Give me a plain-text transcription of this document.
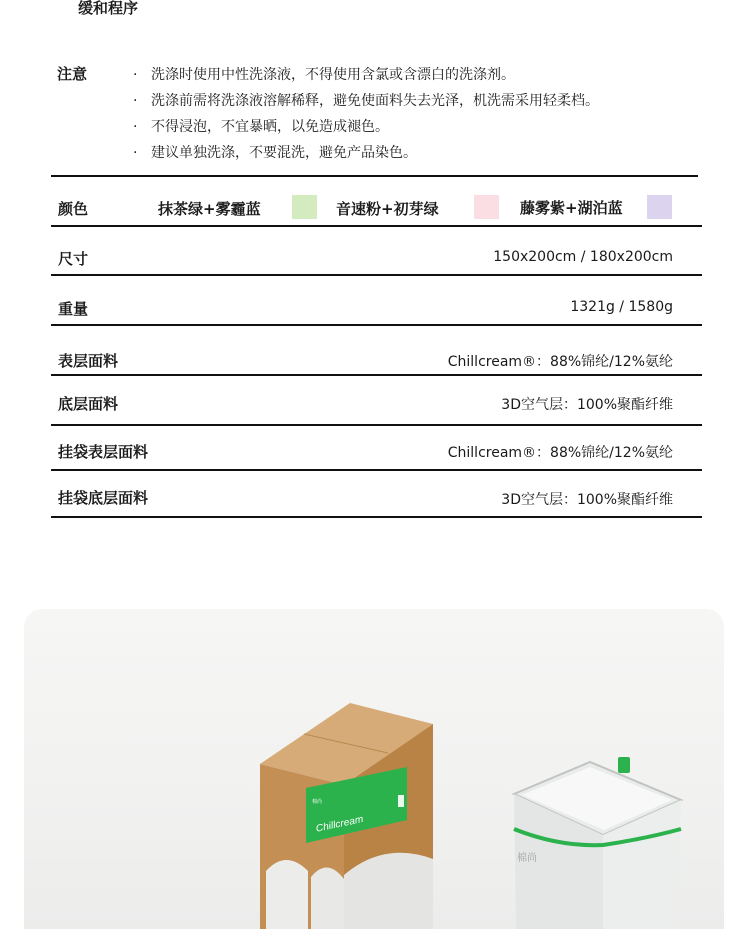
缓和程序
注意	· 洗涤时使用中性洗涤液，不得使用含氯或含漂白的洗涤剂。
· 洗涤前需将洗涤液溶解稀释，避免使面料失去光泽，机洗需采用轻柔档。
· 不得浸泡，不宜暴晒，以免造成褪色。
· 建议单独洗涤，不要混洗，避免产品染色。
颜色	抹茶绿+雾霾蓝	音速粉+初芽绿	藤雾紫+湖泊蓝
尺寸	150x200cm / 180x200cm
重量	1321g / 1580g
表层面料	Chillcream®：88%锦纶/12%氨纶
底层面料	3D空气层：100%聚酯纤维
挂袋表层面料	Chillcream®：88%锦纶/12%氨纶
挂袋底层面料	3D空气层：100%聚酯纤维
Chillcream
棉尚
棉尚
